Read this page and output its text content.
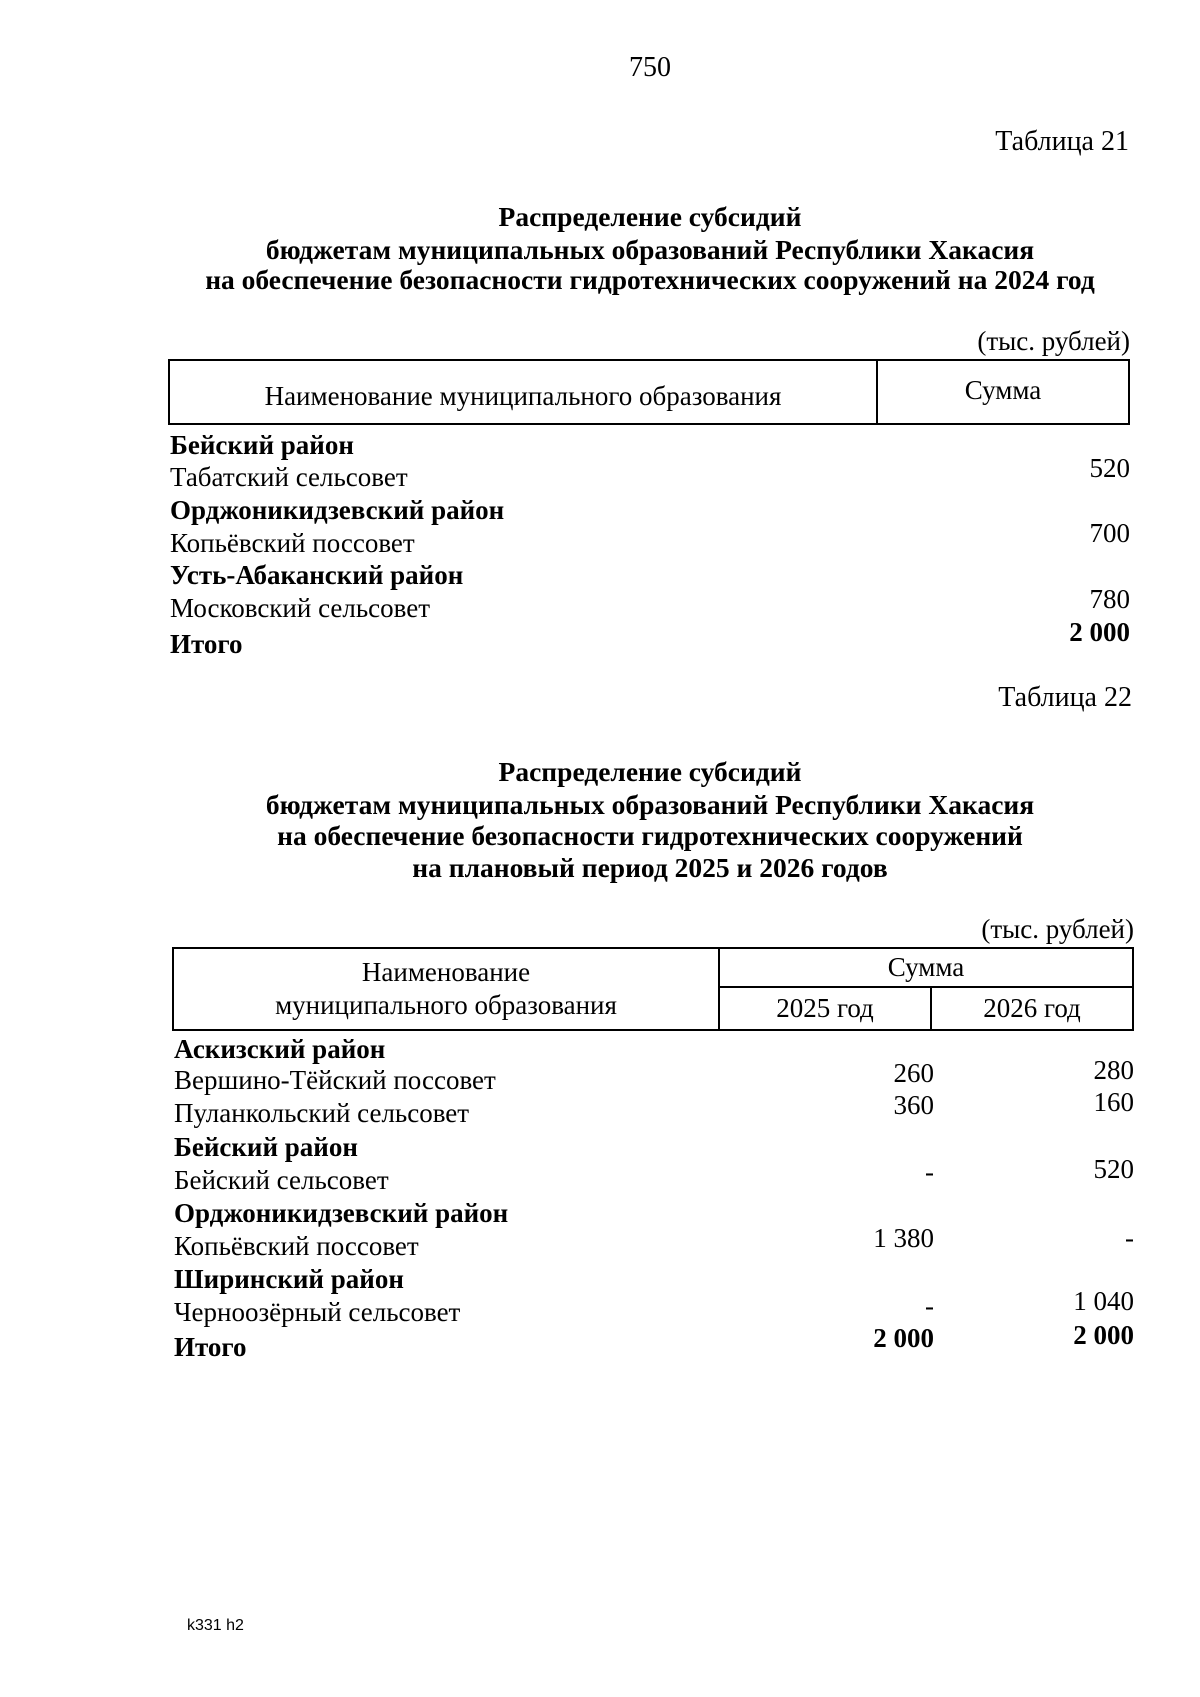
750
Таблица 21
Распределение субсидий
бюджетам муниципальных образований Республики Хакасия
на обеспечение безопасности гидротехнических сооружений на 2024 год
(тыс. рублей)
Наименование муниципального образования	Сумма
Бейский район
Табатский сельсовет	520
Орджоникидзевский район
Копьёвский поссовет	700
Усть-Абаканский район
Московский сельсовет	780
Итого	2 000
Таблица 22
Распределение субсидий
бюджетам муниципальных образований Республики Хакасия
на обеспечение безопасности гидротехнических сооружений
на плановый период 2025 и 2026 годов
(тыс. рублей)
Наименование
муниципального образования
Сумма
2025 год	2026 год
Аскизский район
Вершино-Тёйский поссовет	260	280
Пуланкольский сельсовет	360	160
Бейский район
Бейский сельсовет	-	520
Орджоникидзевский район
Копьёвский поссовет	1 380	-
Ширинский район
Черноозёрный сельсовет	-	1 040
Итого	2 000	2 000
k331 h2
